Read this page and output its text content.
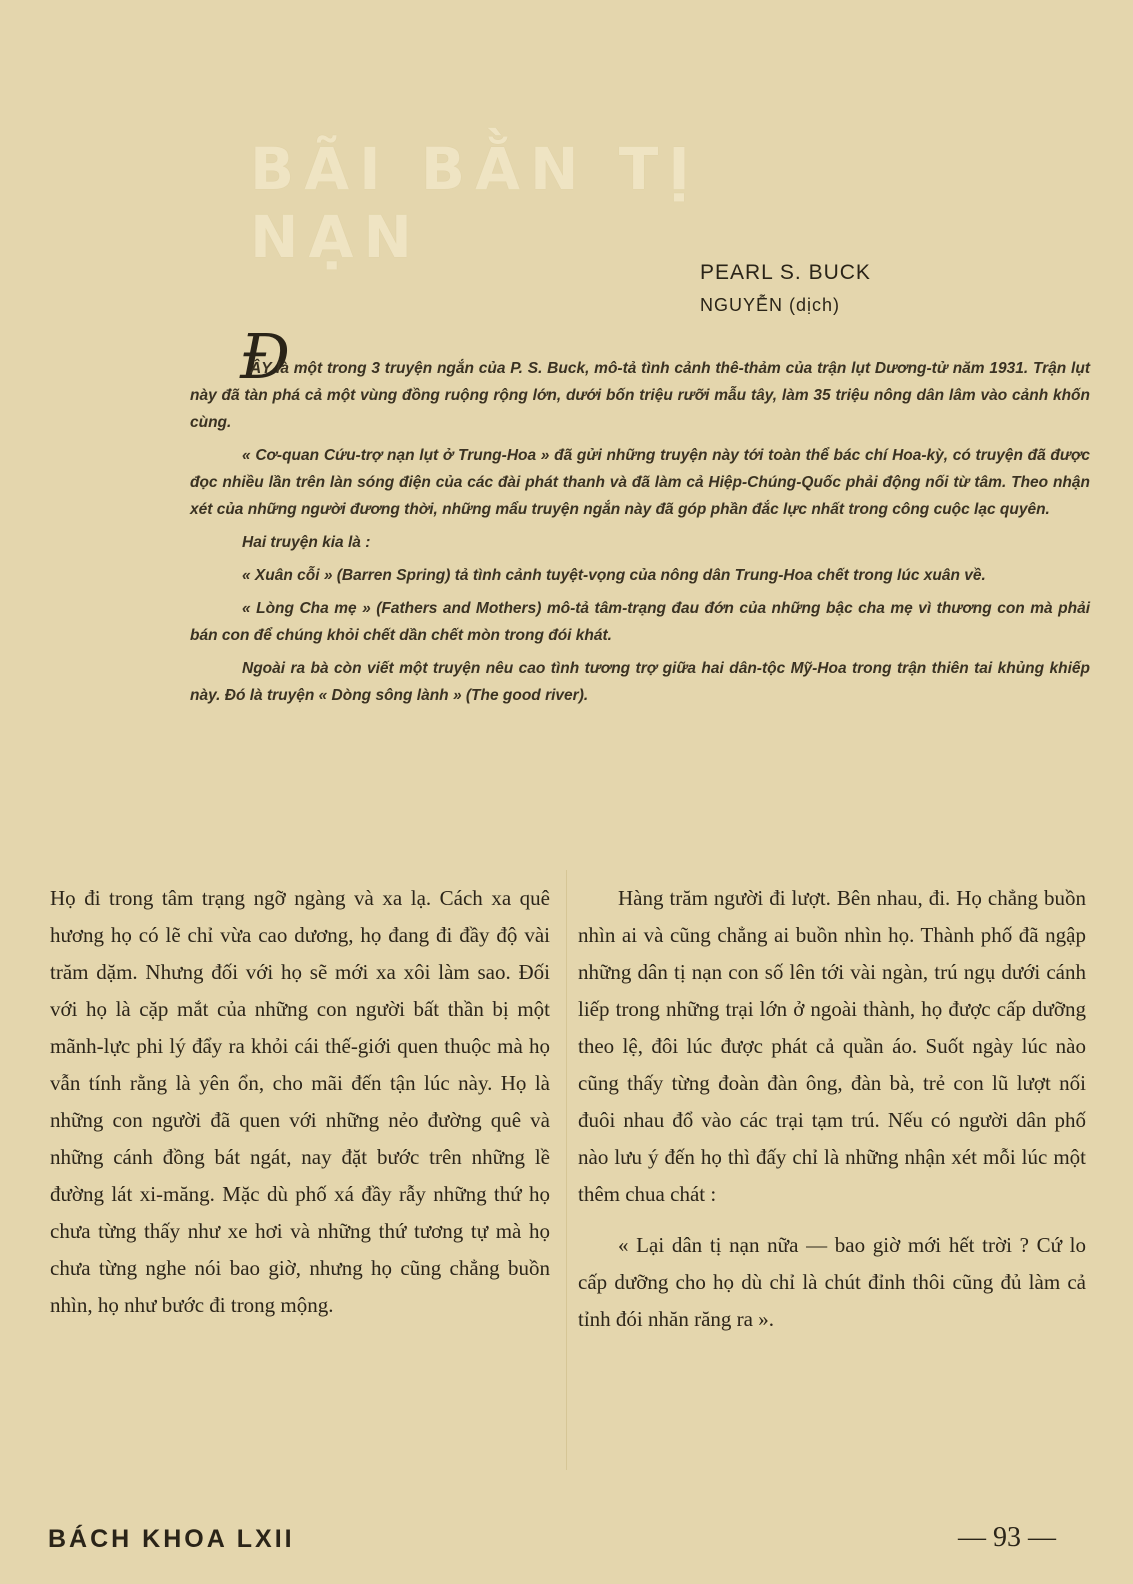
BÃI BẰN TỊ NẠN
PEARL S. BUCK
NGUYỄN (dịch)
Đ

ÂY là một trong 3 truyện ngắn của P. S. Buck, mô-tả tình cảnh thê-thảm của trận lụt Dương-tử năm 1931. Trận lụt này đã tàn phá cả một vùng đồng ruộng rộng lớn, dưới bốn triệu rưỡi mẫu tây, làm 35 triệu nông dân lâm vào cảnh khốn cùng.

« Cơ-quan Cứu-trợ nạn lụt ở Trung-Hoa » đã gửi những truyện này tới toàn thể bác chí Hoa-kỳ, có truyện đã được đọc nhiều lần trên làn sóng điện của các đài phát thanh và đã làm cả Hiệp-Chúng-Quốc phải động nối từ tâm. Theo nhận xét của những người đương thời, những mẩu truyện ngắn này đã góp phần đắc lực nhất trong công cuộc lạc quyên.

Hai truyện kia là :

« Xuân cỗi » (Barren Spring) tả tình cảnh tuyệt-vọng của nông dân Trung-Hoa chết trong lúc xuân về.

« Lòng Cha mẹ » (Fathers and Mothers) mô-tả tâm-trạng đau đớn của những bậc cha mẹ vì thương con mà phải bán con để chúng khỏi chết dần chết mòn trong đói khát.

Ngoài ra bà còn viết một truyện nêu cao tình tương trợ giữa hai dân-tộc Mỹ-Hoa trong trận thiên tai khủng khiếp này. Đó là truyện « Dòng sông lành » (The good river).

Họ đi trong tâm trạng ngỡ ngàng và xa lạ. Cách xa quê hương họ có lẽ chỉ vừa cao dương, họ đang đi đầy độ vài trăm dặm. Nhưng đối với họ sẽ mới xa xôi làm sao. Đối với họ là cặp mắt của những con người bất thần bị một mãnh-lực phi lý đẩy ra khỏi cái thế-giới quen thuộc mà họ vẫn tính rằng là yên ổn, cho mãi đến tận lúc này. Họ là những con người đã quen với những nẻo đường quê và những cánh đồng bát ngát, nay đặt bước trên những lề đường lát xi-măng. Mặc dù phố xá đầy rẫy những thứ họ chưa từng thấy như xe hơi và những thứ tương tự mà họ chưa từng nghe nói bao giờ, nhưng họ cũng chẳng buồn nhìn, họ như bước đi trong mộng.

Hàng trăm người đi lượt. Bên nhau, đi. Họ chẳng buồn nhìn ai và cũng chẳng ai buồn nhìn họ. Thành phố đã ngập những dân tị nạn con số lên tới vài ngàn, trú ngụ dưới cánh liếp trong những trại lớn ở ngoài thành, họ được cấp dưỡng theo lệ, đôi lúc được phát cả quần áo. Suốt ngày lúc nào cũng thấy từng đoàn đàn ông, đàn bà, trẻ con lũ lượt nối đuôi nhau đổ vào các trại tạm trú. Nếu có người dân phố nào lưu ý đến họ thì đấy chỉ là những nhận xét mỗi lúc một thêm chua chát :

« Lại dân tị nạn nữa — bao giờ mới hết trời ? Cứ lo cấp dưỡng cho họ dù chỉ là chút đỉnh thôi cũng đủ làm cả tỉnh đói nhăn răng ra ».

BÁCH KHOA LXII	— 93 —
